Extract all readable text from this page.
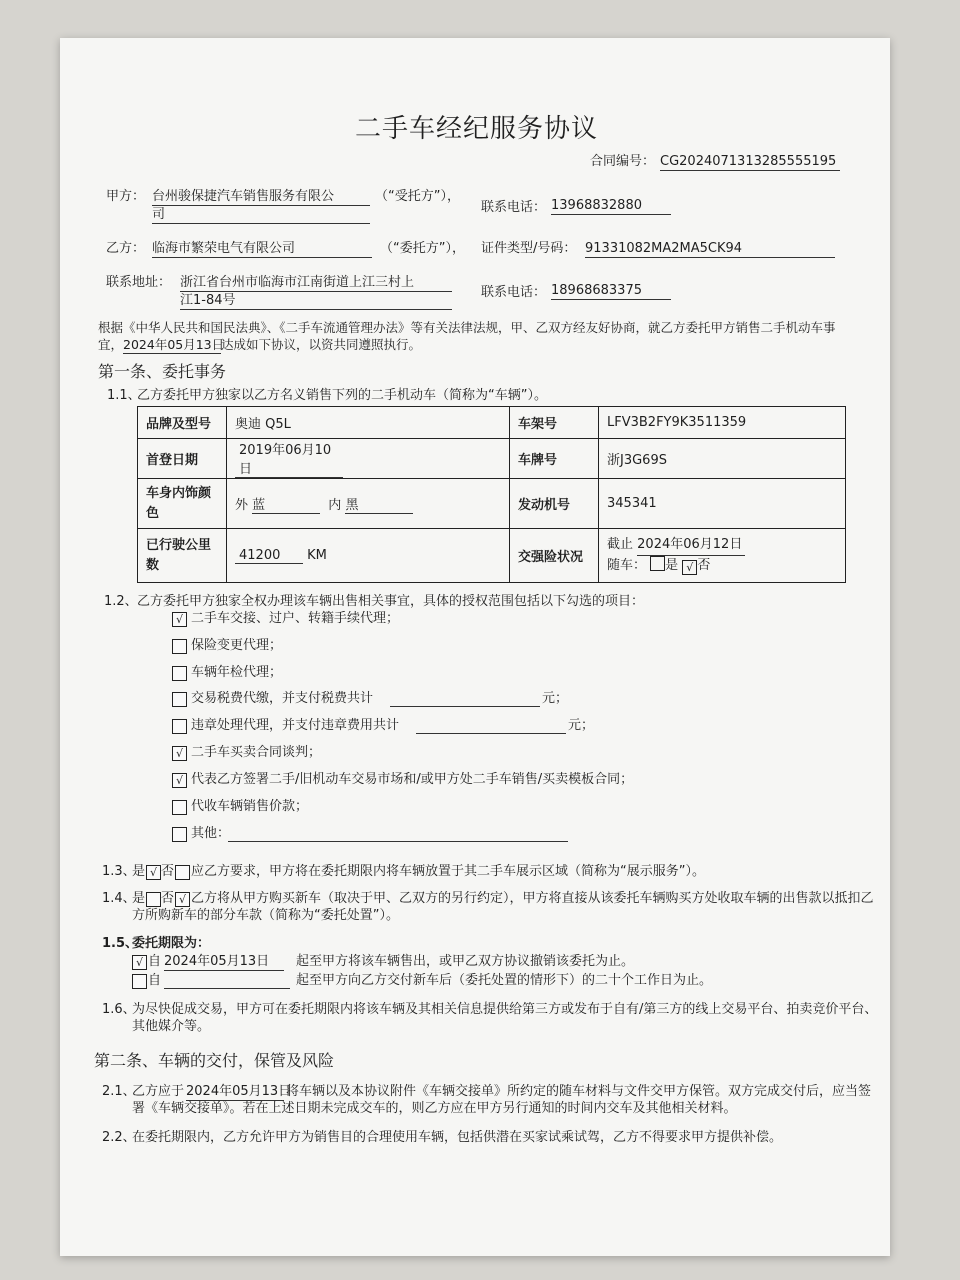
二手车经纪服务协议
合同编号： CG2024071313285555195
甲方： 台州骏保捷汽车销售服务有限公
司
（“受托方”），
联系电话： 13968832880
乙方： 临海市繁荣电气有限公司	（“委托方”）， 证件类型/号码： 91331082MA2MA5CK94
联系地址： 浙江省台州市临海市江南街道上江三村上
江1-84号
联系电话： 18968683375
根据《中华人民共和国民法典》、《二手车流通管理办法》等有关法律法规，甲、乙双方经友好协商，就乙方委托甲方销售二手机动车事
宜，2024年05月13日达成如下协议，以资共同遵照执行。
第一条、委托事务
1.1、
乙方委托甲方独家以乙方名义销售下列的二手机动车（简称为“车辆”）。
品牌及型号	奥迪 Q5L	车架号	LFV3B2FY9K3511359
首登日期	2019年06月10日	车牌号	浙J3G69S
车身内饰颜
色	外 蓝 内 黑	发动机号	345341
已行驶公里
数	41200 KM	交强险状况	截止 2024年06月12日
随车： 是 √ 否
1.2、 乙方委托甲方独家全权办理该车辆出售相关事宜，具体的授权范围包括以下勾选的项目：
√ 二手车交接、过户、转籍手续代理；
保险变更代理；
车辆年检代理；
交易税费代缴，并支付税费共计	元；
违章处理代理，并支付违章费用共计	元；
√ 二手车买卖合同谈判；
√ 代表乙方签署二手/旧机动车交易市场和/或甲方处二手车销售/买卖模板合同；
代收车辆销售价款；
其他：
1.3、
是 √ 否 应乙方要求，甲方将在委托期限内将车辆放置于其二手车展示区域（简称为“展示服务”）。
1.4、
是 否 √ 乙方将从甲方购买新车（取决于甲、乙双方的另行约定），甲方将直接从该委托车辆购买方处收取车辆的出售款以抵扣乙
方所购新车的部分车款（简称为“委托处置”）。
1.5、
委托期限为：
√ 自 2024年05月13日	起至甲方将该车辆售出，或甲乙双方协议撤销该委托为止。
自	起至甲方向乙方交付新车后（委托处置的情形下）的二十个工作日为止。
1.6、
为尽快促成交易，甲方可在委托期限内将该车辆及其相关信息提供给第三方或发布于自有/第三方的线上交易平台、拍卖竞价平台、
其他媒介等。
第二条、车辆的交付，保管及风险
2.1、
乙方应于 2024年05月13日将车辆以及本协议附件《车辆交接单》所约定的随车材料与文件交甲方保管。双方完成交付后，应当签
署《车辆交接单》。若在上述日期未完成交车的，则乙方应在甲方另行通知的时间内交车及其他相关材料。
2.2、
在委托期限内，乙方允许甲方为销售目的合理使用车辆，包括供潜在买家试乘试驾，乙方不得要求甲方提供补偿。
